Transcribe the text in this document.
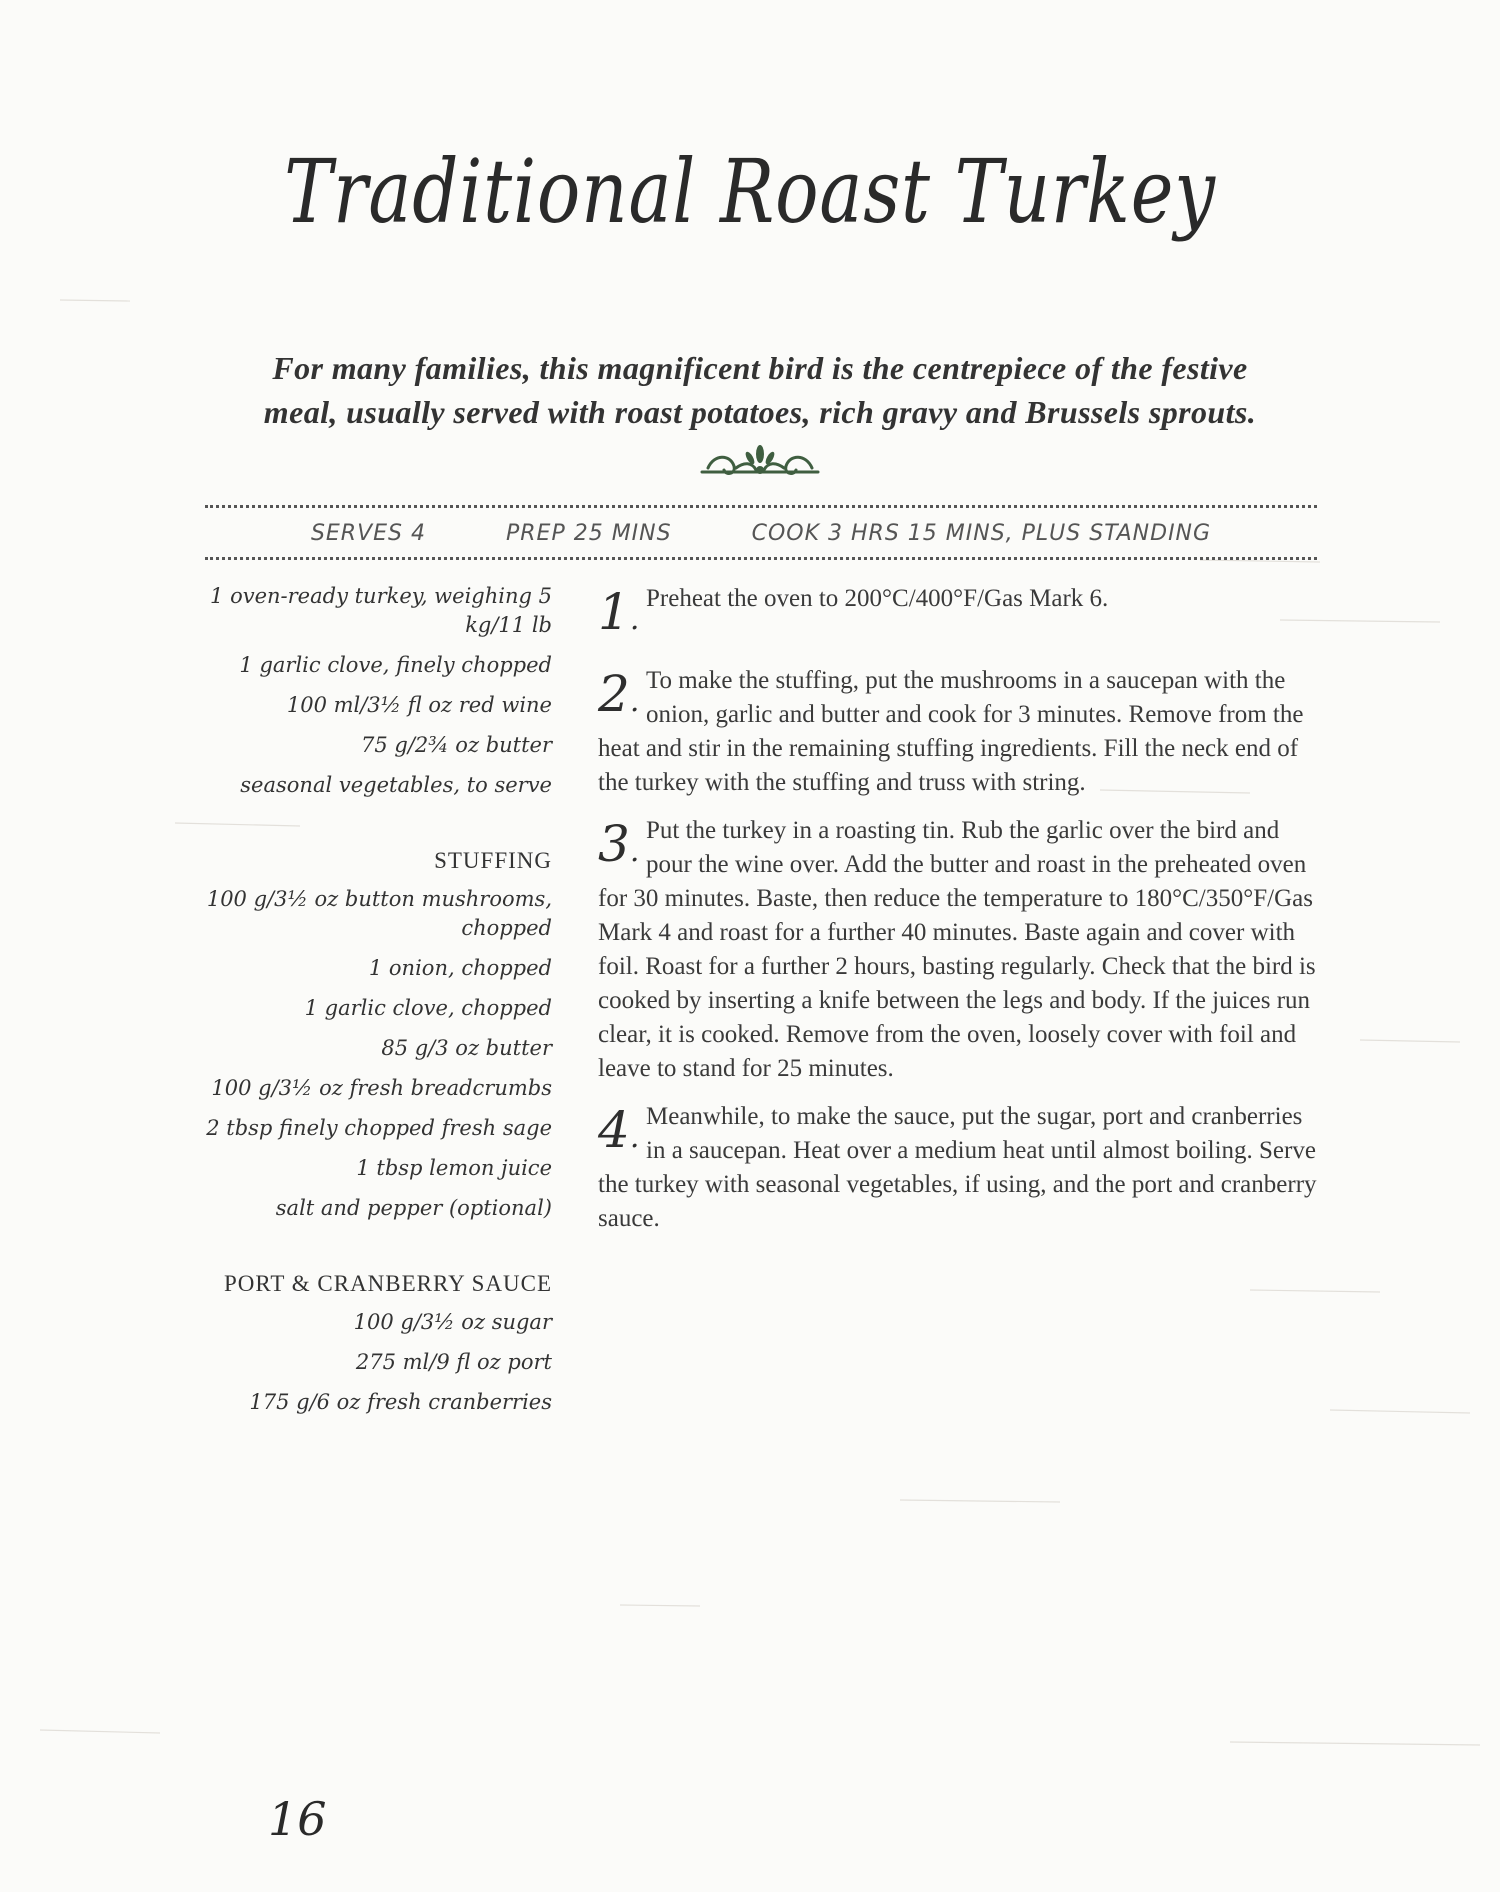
Traditional Roast Turkey
For many families, this magnificent bird is the centrepiece of the festive
meal, usually served with roast potatoes, rich gravy and Brussels sprouts.
SERVES 4	PREP 25 MINS	COOK 3 HRS 15 MINS, PLUS STANDING

1 oven-ready turkey, weighing 5 kg/11 lb

1 garlic clove, finely chopped

100 ml/3½ fl oz red wine

75 g/2¾ oz butter

seasonal vegetables, to serve

STUFFING

100 g/3½ oz button mushrooms, chopped

1 onion, chopped

1 garlic clove, chopped

85 g/3 oz butter

100 g/3½ oz fresh breadcrumbs

2 tbsp finely chopped fresh sage

1 tbsp lemon juice

salt and pepper (optional)

PORT & CRANBERRY SAUCE

100 g/3½ oz sugar

275 ml/9 fl oz port

175 g/6 oz fresh cranberries

1.
Preheat the oven to 200°C/400°F/Gas Mark 6.
2.
To make the stuffing, put the mushrooms in a saucepan with the onion, garlic and butter and cook for 3 minutes. Remove from the heat and stir in the remaining stuffing ingredients. Fill the neck end of the turkey with the stuffing and truss with string.
3.
Put the turkey in a roasting tin. Rub the garlic over the bird and pour the wine over. Add the butter and roast in the preheated oven for 30 minutes. Baste, then reduce the temperature to 180°C/350°F/Gas Mark 4 and roast for a further 40 minutes. Baste again and cover with foil. Roast for a further 2 hours, basting regularly. Check that the bird is cooked by inserting a knife between the legs and body. If the juices run clear, it is cooked. Remove from the oven, loosely cover with foil and leave to stand for 25 minutes.
4.
Meanwhile, to make the sauce, put the sugar, port and cranberries in a saucepan. Heat over a medium heat until almost boiling. Serve the turkey with seasonal vegetables, if using, and the port and cranberry sauce.
16
